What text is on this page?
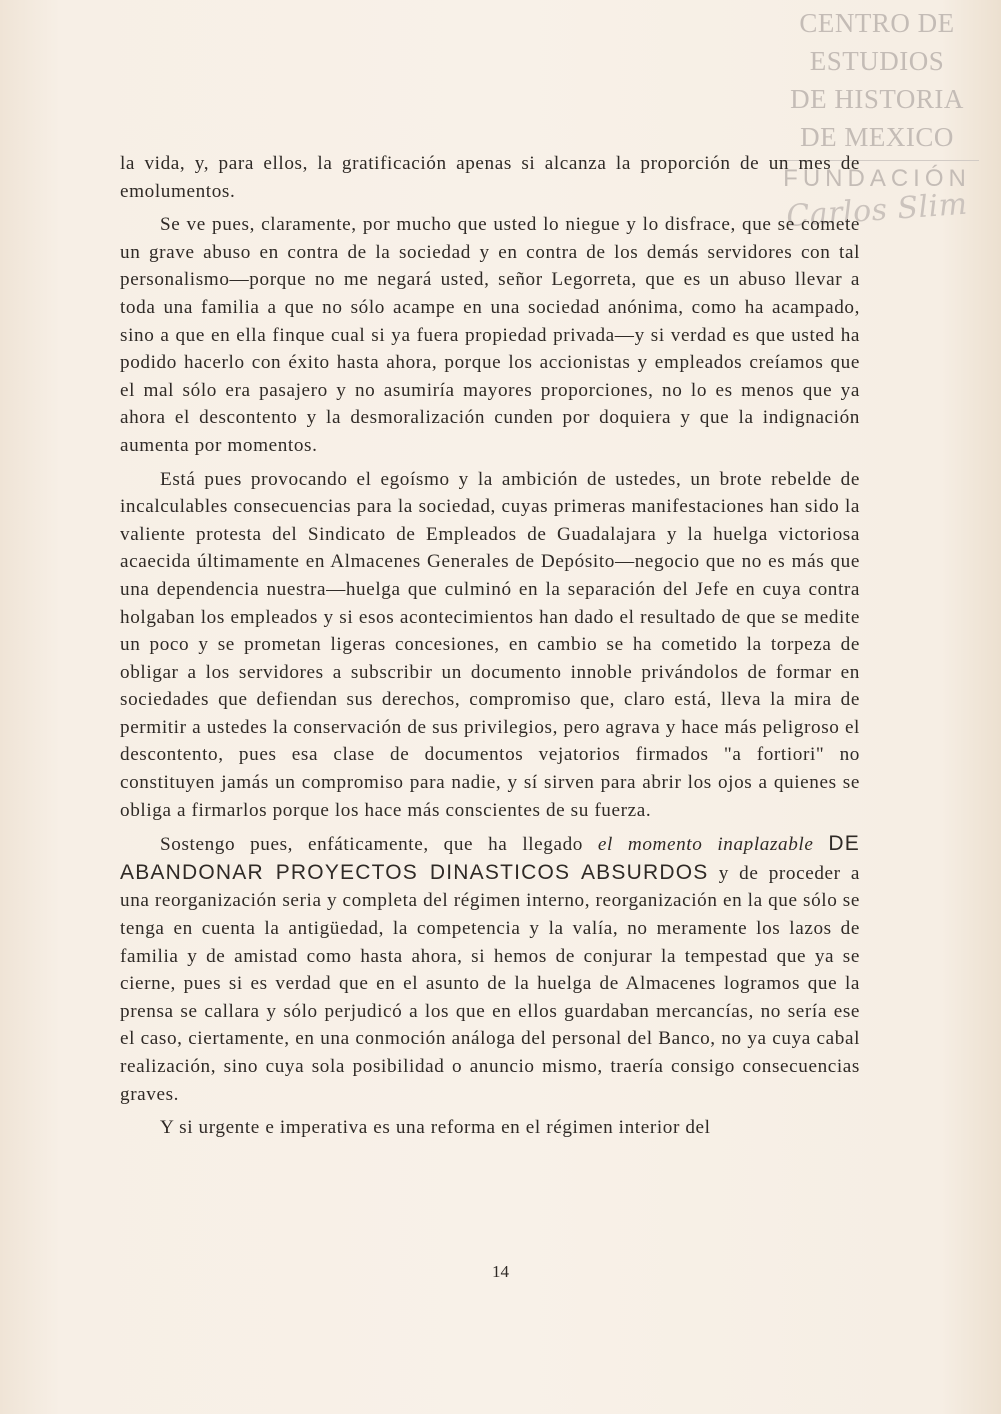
CENTRO DE
ESTUDIOS
DE HISTORIA
DE MEXICO
FUNDACIÓN
Carlos Slim

la vida, y, para ellos, la gratificación apenas si alcanza la proporción de un mes de emolumentos.

Se ve pues, claramente, por mucho que usted lo niegue y lo disfrace, que se comete un grave abuso en contra de la sociedad y en contra de los demás servidores con tal personalismo—porque no me negará usted, señor Legorreta, que es un abuso llevar a toda una familia a que no sólo acampe en una sociedad anónima, como ha acampado, sino a que en ella finque cual si ya fuera propiedad privada—y si verdad es que usted ha podido hacerlo con éxito hasta ahora, porque los accionistas y empleados creíamos que el mal sólo era pasajero y no asumiría mayores proporciones, no lo es menos que ya ahora el descontento y la desmoralización cunden por doquiera y que la indignación aumenta por momentos.

Está pues provocando el egoísmo y la ambición de ustedes, un brote rebelde de incalculables consecuencias para la sociedad, cuyas primeras manifestaciones han sido la valiente protesta del Sindicato de Empleados de Guadalajara y la huelga victoriosa acaecida últimamente en Almacenes Generales de Depósito—negocio que no es más que una dependencia nuestra—huelga que culminó en la separación del Jefe en cuya contra holgaban los empleados y si esos acontecimientos han dado el resultado de que se medite un poco y se prometan ligeras concesiones, en cambio se ha cometido la torpeza de obligar a los servidores a subscribir un documento innoble privándolos de formar en sociedades que defiendan sus derechos, compromiso que, claro está, lleva la mira de permitir a ustedes la conservación de sus privilegios, pero agrava y hace más peligroso el descontento, pues esa clase de documentos vejatorios firmados "a fortiori" no constituyen jamás un compromiso para nadie, y sí sirven para abrir los ojos a quienes se obliga a firmarlos porque los hace más conscientes de su fuerza.

Sostengo pues, enfáticamente, que ha llegado el momento inaplazable DE ABANDONAR PROYECTOS DINASTICOS ABSURDOS y de proceder a una reorganización seria y completa del régimen interno, reorganización en la que sólo se tenga en cuenta la antigüedad, la competencia y la valía, no meramente los lazos de familia y de amistad como hasta ahora, si hemos de conjurar la tempestad que ya se cierne, pues si es verdad que en el asunto de la huelga de Almacenes logramos que la prensa se callara y sólo perjudicó a los que en ellos guardaban mercancías, no sería ese el caso, ciertamente, en una conmoción análoga del personal del Banco, no ya cuya cabal realización, sino cuya sola posibilidad o anuncio mismo, traería consigo consecuencias graves.

Y si urgente e imperativa es una reforma en el régimen interior del

14
